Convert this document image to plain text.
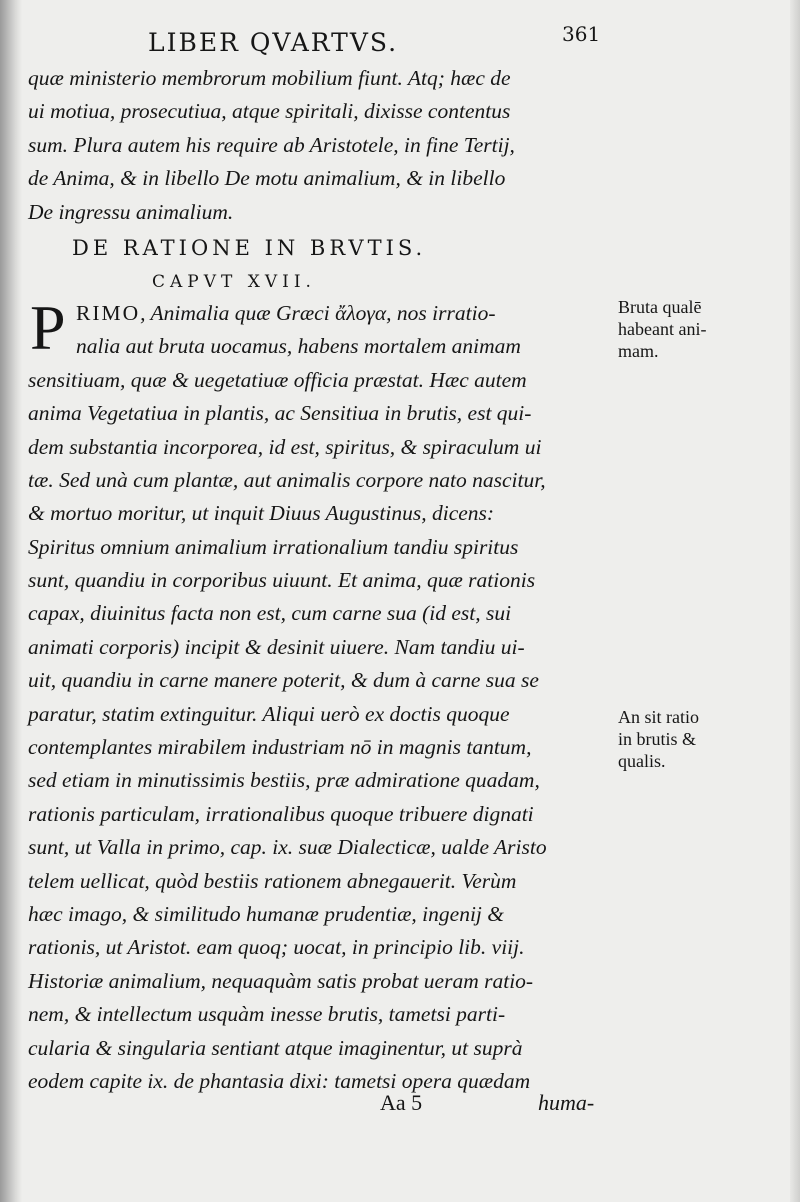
LIBER QVARTVS.	361
quæ ministerio membrorum mobilium fiunt. Atq; hæc de
ui motiua, prosecutiua, atque spiritali, dixisse contentus
sum. Plura autem his require ab Aristotele, in fine Tertij,
de Anima, & in libello De motu animalium, & in libello
De ingressu animalium.
DE RATIONE IN BRVTIS.
CAPVT XVII.
P RIMO, Animalia quæ Græci ἄλογα, nos irratio-
nalia aut bruta uocamus, habens mortalem animam
sensitiuam, quæ & uegetatiuæ officia præstat. Hæc autem
anima Vegetatiua in plantis, ac Sensitiua in brutis, est qui-
dem substantia incorporea, id est, spiritus, & spiraculum ui
tæ. Sed unà cum plantæ, aut animalis corpore nato nascitur,
& mortuo moritur, ut inquit Diuus Augustinus, dicens:
Spiritus omnium animalium irrationalium tandiu spiritus
sunt, quandiu in corporibus uiuunt. Et anima, quæ rationis
capax, diuinitus facta non est, cum carne sua (id est, sui
animati corporis) incipit & desinit uiuere. Nam tandiu ui-
uit, quandiu in carne manere poterit, & dum à carne sua se
paratur, statim extinguitur. Aliqui uerò ex doctis quoque
contemplantes mirabilem industriam nō in magnis tantum,
sed etiam in minutissimis bestiis, præ admiratione quadam,
rationis particulam, irrationalibus quoque tribuere dignati
sunt, ut Valla in primo, cap. ix. suæ Dialecticæ, ualde Aristo
telem uellicat, quòd bestiis rationem abnegauerit. Verùm
hæc imago, & similitudo humanæ prudentiæ, ingenij &
rationis, ut Aristot. eam quoq; uocat, in principio lib. viij.
Historiæ animalium, nequaquàm satis probat ueram ratio-
nem, & intellectum usquàm inesse brutis, tametsi parti-
cularia & singularia sentiant atque imaginentur, ut suprà
eodem capite ix. de phantasia dixi: tametsi opera quædam
Bruta qualē
habeant ani-
mam.
An sit ratio
in brutis &
qualis.
Aa 5	huma-
